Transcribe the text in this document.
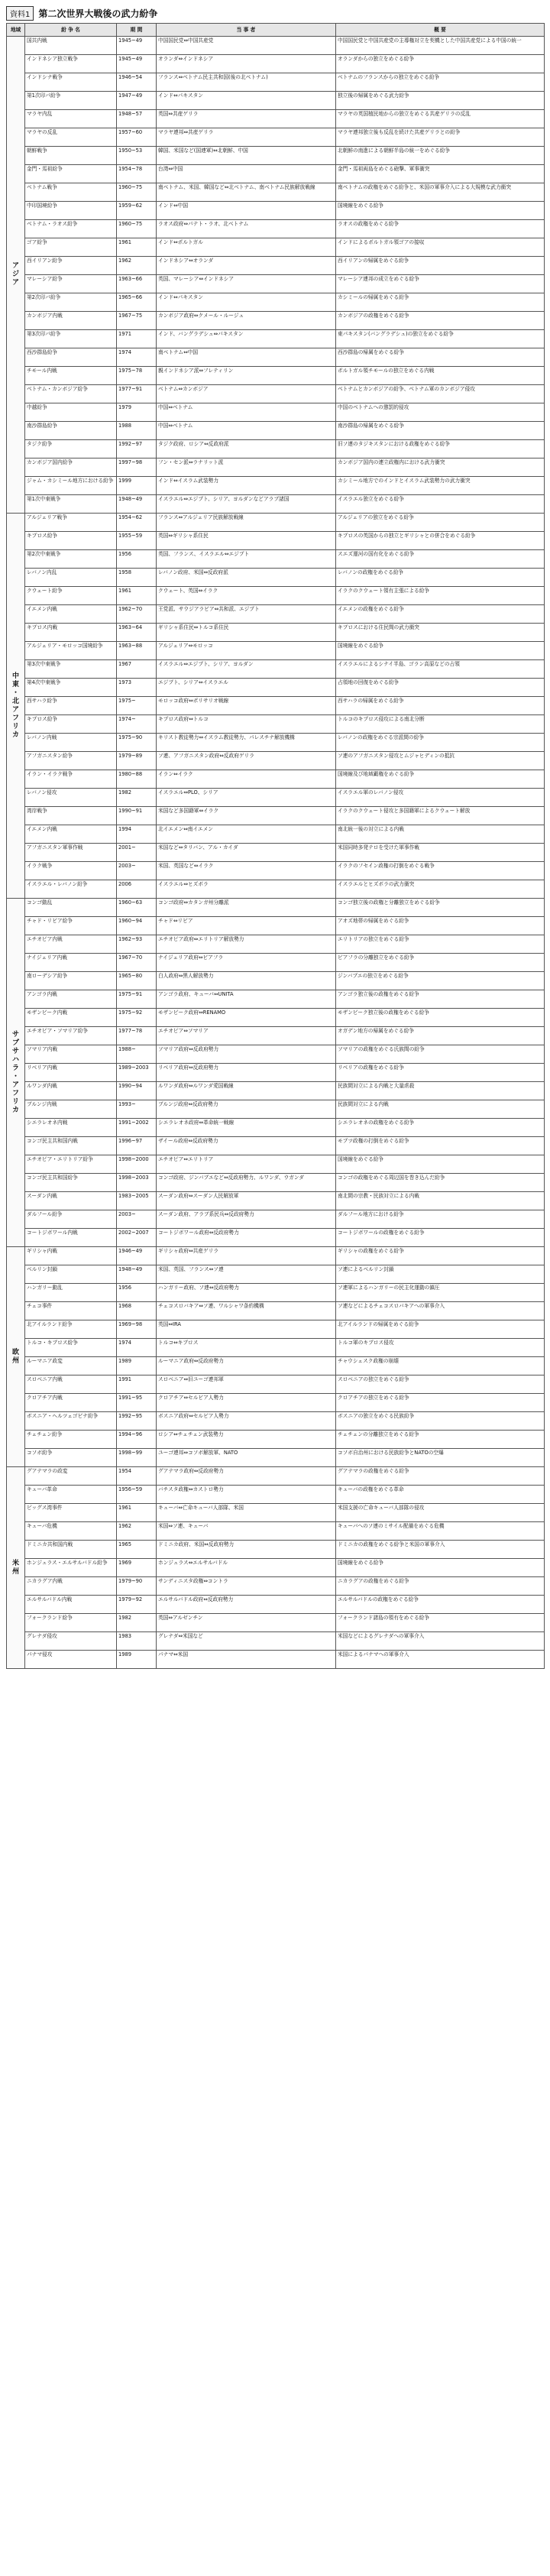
資料1 第二次世界大戦後の武力紛争
地域	紛 争 名	期 間	当 事 者	概 要
ア ジ ア	国共内戦	1945~49	中国国民党⇔中国共産党	中国国民党と中国共産党の主導権対立を契機とした中国共産党による中国の統一
	インドネシア独立戦争	1945~49	オランダ⇔インドネシア	オランダからの独立をめぐる紛争
	インドシナ戦争	1946~54	フランス⇔ベトナム民主共和国(後の北ベトナム)	ベトナムのフランスからの独立をめぐる紛争
	第1次印パ紛争	1947~49	インド⇔パキスタン	独立後の帰属をめぐる武力紛争
	マラヤ内乱	1948~57	英国⇔共産ゲリラ	マラヤの英国植民地からの独立をめぐる共産ゲリラの反乱
	マラヤの反乱	1957~60	マラヤ連邦⇔共産ゲリラ	マラヤ連邦独立後も反乱を続けた共産ゲリラとの紛争
	朝鮮戦争	1950~53	韓国、米国など(国連軍)⇔北朝鮮、中国	北朝鮮の南進による朝鮮半島の統一をめぐる紛争
	金門・馬祖紛争	1954~78	台湾⇔中国	金門・馬祖両島をめぐる砲撃、軍事衝突
	ベトナム戦争	1960~75	南ベトナム、米国、韓国など⇔北ベトナム、南ベトナム民族解放戦線	南ベトナムの政権をめぐる紛争と、米国の軍事介入による大規模な武力衝突
	中印国境紛争	1959~62	インド⇔中国	国境線をめぐる紛争
	ベトナム・ラオス紛争	1960~75	ラオス政府⇔パテト・ラオ、北ベトナム	ラオスの政権をめぐる紛争
	ゴア紛争	1961	インド⇔ポルトガル	インドによるポルトガル領ゴアの接収
	西イリアン紛争	1962	インドネシア⇔オランダ	西イリアンの帰属をめぐる紛争
	マレーシア紛争	1963~66	英国、マレーシア⇔インドネシア	マレーシア連邦の成立をめぐる紛争
	第2次印パ紛争	1965~66	インド⇔パキスタン	カシミールの帰属をめぐる紛争
	カンボジア内戦	1967~75	カンボジア政府⇔クメール・ルージュ	カンボジアの政権をめぐる紛争
	第3次印パ紛争	1971	インド、バングラデシュ⇔パキスタン	東パキスタン(バングラデシュ)の独立をめぐる紛争
	西沙群島紛争	1974	南ベトナム⇔中国	西沙群島の帰属をめぐる紛争
	チモール内戦	1975~78	親インドネシア派⇔フレティリン	ポルトガル領チモールの独立をめぐる内戦
	ベトナム・カンボジア紛争	1977~91	ベトナム⇔カンボジア	ベトナムとカンボジアの紛争、ベトナム軍のカンボジア侵攻
	中越紛争	1979	中国⇔ベトナム	中国のベトナムへの懲罰的侵攻
	南沙群島紛争	1988	中国⇔ベトナム	南沙群島の帰属をめぐる紛争
	タジク紛争	1992~97	タジク政府、ロシア⇔反政府派	旧ソ連のタジキスタンにおける政権をめぐる紛争
	カンボジア国内紛争	1997~98	フン・セン派⇔ラナリット派	カンボジア国内の連立政権内における武力衝突
	ジャム・カシミール地方における紛争	1999	インド⇔イスラム武装勢力	カシミール地方でのインドとイスラム武装勢力の武力衝突
	第1次中東戦争	1948~49	イスラエル⇔エジプト、シリア、ヨルダンなどアラブ諸国	イスラエル独立をめぐる紛争
中 東 ・ 北 ア フ リ カ	アルジェリア戦争	1954~62	フランス⇔アルジェリア民族解放戦線	アルジェリアの独立をめぐる紛争
	キプロス紛争	1955~59	英国⇔ギリシャ系住民	キプロスの英国からの独立とギリシャとの併合をめぐる紛争
	第2次中東戦争	1956	英国、フランス、イスラエル⇔エジプト	スエズ運河の国有化をめぐる紛争
	レバノン内乱	1958	レバノン政府、米国⇔反政府派	レバノンの政権をめぐる紛争
	クウェート紛争	1961	クウェート、英国⇔イラク	イラクのクウェート領有主張による紛争
	イエメン内戦	1962~70	王党派、サウジアラビア⇔共和派、エジプト	イエメンの政権をめぐる紛争
	キプロス内戦	1963~64	ギリシャ系住民⇔トルコ系住民	キプロスにおける住民間の武力衝突
	アルジェリア・モロッコ国境紛争	1963~88	アルジェリア⇔モロッコ	国境線をめぐる紛争
	第3次中東戦争	1967	イスラエル⇔エジプト、シリア、ヨルダン	イスラエルによるシナイ半島、ゴラン高原などの占領
	第4次中東戦争	1973	エジプト、シリア⇔イスラエル	占領地の回復をめぐる紛争
	西サハラ紛争	1975~	モロッコ政府⇔ポリサリオ戦線	西サハラの帰属をめぐる紛争
	キプロス紛争	1974~	キプロス政府⇔トルコ	トルコのキプロス侵攻による南北分断
	レバノン内戦	1975~90	キリスト教徒勢力⇔イスラム教徒勢力、パレスチナ解放機構	レバノンの政権をめぐる宗派間の紛争
	アフガニスタン紛争	1979~89	ソ連、アフガニスタン政府⇔反政府ゲリラ	ソ連のアフガニスタン侵攻とムジャヒディンの抵抗
	イラン・イラク戦争	1980~88	イラン⇔イラク	国境線及び地域覇権をめぐる紛争
	レバノン侵攻	1982	イスラエル⇔PLO、シリア	イスラエル軍のレバノン侵攻
	湾岸戦争	1990~91	米国など多国籍軍⇔イラク	イラクのクウェート侵攻と多国籍軍によるクウェート解放
	イエメン内戦	1994	北イエメン⇔南イエメン	南北統一後の対立による内戦
	アフガニスタン軍事作戦	2001~	米国など⇔タリバン、アル・カイダ	米国同時多発テロを受けた軍事作戦
	イラク戦争	2003~	米国、英国など⇔イラク	イラクのフセイン政権の打倒をめぐる戦争
	イスラエル・レバノン紛争	2006	イスラエル⇔ヒズボラ	イスラエルとヒズボラの武力衝突
サ ブ サ ハ ラ ・ ア フ リ カ	コンゴ動乱	1960~63	コンゴ政府⇔カタンガ州分離派	コンゴ独立後の政権と分離独立をめぐる紛争
	チャド・リビア紛争	1960~94	チャド⇔リビア	アオズ地帯の帰属をめぐる紛争
	エチオピア内戦	1962~93	エチオピア政府⇔エリトリア解放勢力	エリトリアの独立をめぐる紛争
	ナイジェリア内戦	1967~70	ナイジェリア政府⇔ビアフラ	ビアフラの分離独立をめぐる紛争
	南ローデシア紛争	1965~80	白人政府⇔黒人解放勢力	ジンバブエの独立をめぐる紛争
	アンゴラ内戦	1975~91	アンゴラ政府、キューバ⇔UNITA	アンゴラ独立後の政権をめぐる紛争
	モザンビーク内戦	1975~92	モザンビーク政府⇔RENAMO	モザンビーク独立後の政権をめぐる紛争
	エチオピア・ソマリア紛争	1977~78	エチオピア⇔ソマリア	オガデン地方の帰属をめぐる紛争
	ソマリア内戦	1988~	ソマリア政府⇔反政府勢力	ソマリアの政権をめぐる氏族間の紛争
	リベリア内戦	1989~2003	リベリア政府⇔反政府勢力	リベリアの政権をめぐる紛争
	ルワンダ内戦	1990~94	ルワンダ政府⇔ルワンダ愛国戦線	民族間対立による内戦と大量虐殺
	ブルンジ内戦	1993~	ブルンジ政府⇔反政府勢力	民族間対立による内戦
	シエラレオネ内戦	1991~2002	シエラレオネ政府⇔革命統一戦線	シエラレオネの政権をめぐる紛争
	コンゴ民主共和国内戦	1996~97	ザイール政府⇔反政府勢力	モブツ政権の打倒をめぐる紛争
	エチオピア・エリトリア紛争	1998~2000	エチオピア⇔エリトリア	国境線をめぐる紛争
	コンゴ民主共和国紛争	1998~2003	コンゴ政府、ジンバブエなど⇔反政府勢力、ルワンダ、ウガンダ	コンゴの政権をめぐる周辺国を巻き込んだ紛争
	スーダン内戦	1983~2005	スーダン政府⇔スーダン人民解放軍	南北間の宗教・民族対立による内戦
	ダルフール紛争	2003~	スーダン政府、アラブ系民兵⇔反政府勢力	ダルフール地方における紛争
	コートジボワール内戦	2002~2007	コートジボワール政府⇔反政府勢力	コートジボワールの政権をめぐる紛争
欧 州	ギリシャ内戦	1946~49	ギリシャ政府⇔共産ゲリラ	ギリシャの政権をめぐる紛争
	ベルリン封鎖	1948~49	米国、英国、フランス⇔ソ連	ソ連によるベルリン封鎖
	ハンガリー動乱	1956	ハンガリー政府、ソ連⇔反政府勢力	ソ連軍によるハンガリーの民主化運動の鎮圧
	チェコ事件	1968	チェコスロバキア⇔ソ連、ワルシャワ条約機構	ソ連などによるチェコスロバキアへの軍事介入
	北アイルランド紛争	1969~98	英国⇔IRA	北アイルランドの帰属をめぐる紛争
	トルコ・キプロス紛争	1974	トルコ⇔キプロス	トルコ軍のキプロス侵攻
	ルーマニア政変	1989	ルーマニア政府⇔反政府勢力	チャウシェスク政権の崩壊
	スロベニア内戦	1991	スロベニア⇔旧ユーゴ連邦軍	スロベニアの独立をめぐる紛争
	クロアチア内戦	1991~95	クロアチア⇔セルビア人勢力	クロアチアの独立をめぐる紛争
	ボスニア・ヘルツェゴビナ紛争	1992~95	ボスニア政府⇔セルビア人勢力	ボスニアの独立をめぐる民族紛争
	チェチェン紛争	1994~96	ロシア⇔チェチェン武装勢力	チェチェンの分離独立をめぐる紛争
	コソボ紛争	1998~99	ユーゴ連邦⇔コソボ解放軍、NATO	コソボ自治州における民族紛争とNATOの空爆
米 州	グアテマラの政変	1954	グアテマラ政府⇔反政府勢力	グアテマラの政権をめぐる紛争
	キューバ革命	1956~59	バチスタ政権⇔カストロ勢力	キューバの政権をめぐる革命
	ピッグス湾事件	1961	キューバ⇔亡命キューバ人部隊、米国	米国支援の亡命キューバ人部隊の侵攻
	キューバ危機	1962	米国⇔ソ連、キューバ	キューバへのソ連のミサイル配備をめぐる危機
	ドミニカ共和国内戦	1965	ドミニカ政府、米国⇔反政府勢力	ドミニカの政権をめぐる紛争と米国の軍事介入
	ホンジュラス・エルサルバドル紛争	1969	ホンジュラス⇔エルサルバドル	国境線をめぐる紛争
	ニカラグア内戦	1979~90	サンディニスタ政権⇔コントラ	ニカラグアの政権をめぐる紛争
	エルサルバドル内戦	1979~92	エルサルバドル政府⇔反政府勢力	エルサルバドルの政権をめぐる紛争
	フォークランド紛争	1982	英国⇔アルゼンチン	フォークランド諸島の領有をめぐる紛争
	グレナダ侵攻	1983	グレナダ⇔米国など	米国などによるグレナダへの軍事介入
	パナマ侵攻	1989	パナマ⇔米国	米国によるパナマへの軍事介入
